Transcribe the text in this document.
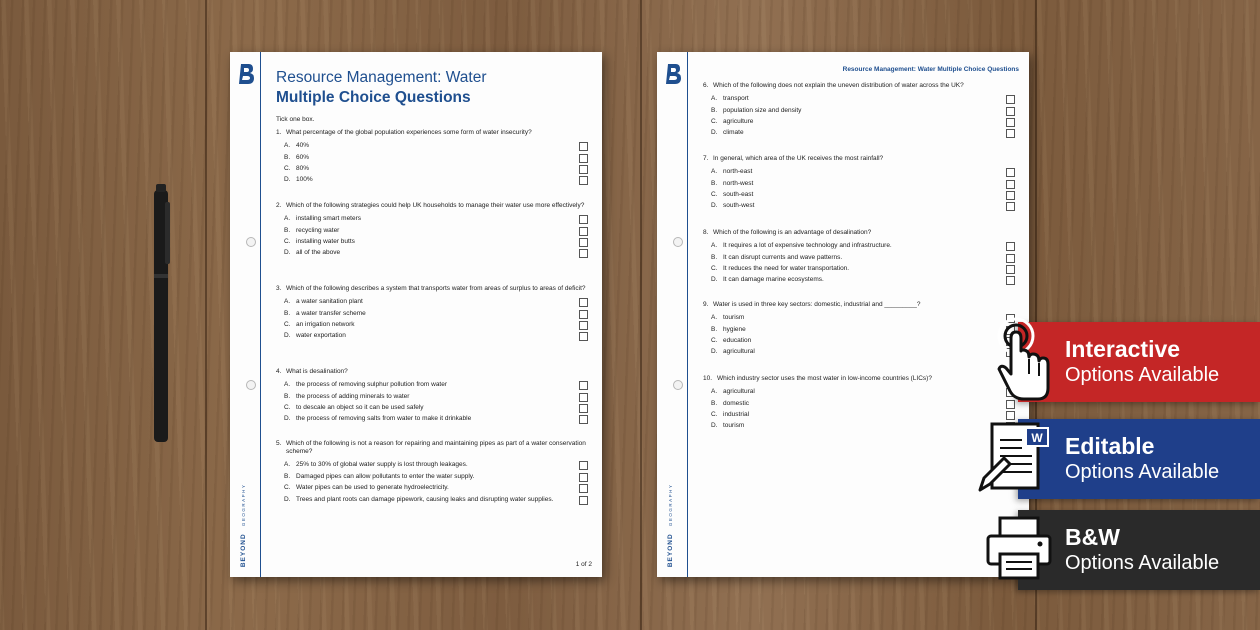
BEYOND GEOGRAPHY
Resource Management: Water
Multiple Choice Questions
Tick one box.
1. What percentage of the global population experiences some form of water insecurity?
A. 40%
B. 60%
C. 80%
D. 100%
2. Which of the following strategies could help UK households to manage their water use more effectively?
A. installing smart meters
B. recycling water
C. installing water butts
D. all of the above
3. Which of the following describes a system that transports water from areas of surplus to areas of deficit?
A. a water sanitation plant
B. a water transfer scheme
C. an irrigation network
D. water exportation
4. What is desalination?
A. the process of removing sulphur pollution from water
B. the process of adding minerals to water
C. to descale an object so it can be used safely
D. the process of removing salts from water to make it drinkable
5. Which of the following is not a reason for repairing and maintaining pipes as part of a water conservation scheme?
A. 25% to 30% of global water supply is lost through leakages.
B. Damaged pipes can allow pollutants to enter the water supply.
C. Water pipes can be used to generate hydroelectricity.
D. Trees and plant roots can damage pipework, causing leaks and disrupting water supplies.
1 of 2	BEYOND GEOGRAPHY
Resource Management: Water Multiple Choice Questions
6. Which of the following does not explain the uneven distribution of water across the UK?
A. transport
B. population size and density
C. agriculture
D. climate
7. In general, which area of the UK receives the most rainfall?
A. north-east
B. north-west
C. south-east
D. south-west
8. Which of the following is an advantage of desalination?
A. It requires a lot of expensive technology and infrastructure.
B. It can disrupt currents and wave patterns.
C. It reduces the need for water transportation.
D. It can damage marine ecosystems.
9. Water is used in three key sectors: domestic, industrial and _________?
A. tourism
B. hygiene
C. education
D. agricultural
10. Which industry sector uses the most water in low-income countries (LICs)?
A. agricultural
B. domestic
C. industrial
D. tourism
Interactive
Options Available
Editable
Options Available
B&W
Options Available
W
